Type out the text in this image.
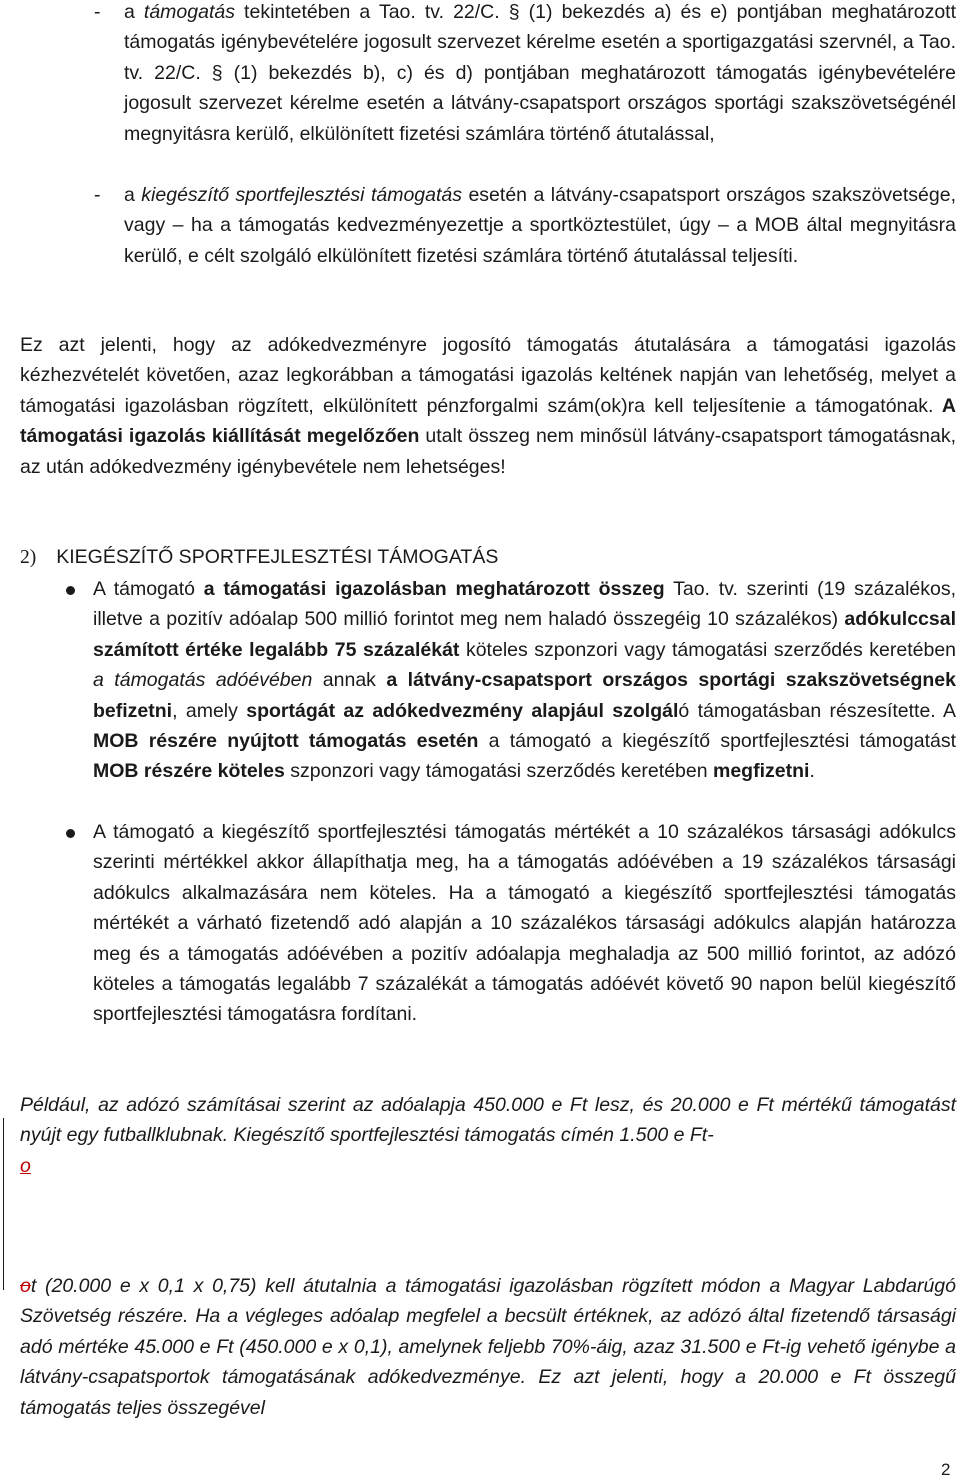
-	a támogatás tekintetében a Tao. tv. 22/C. § (1) bekezdés a) és e) pontjában meghatározott támogatás igénybevételére jogosult szervezet kérelme esetén a sportigazgatási szervnél, a Tao. tv. 22/C. § (1) bekezdés b), c) és d) pontjában meghatározott támogatás igénybevételére jogosult szervezet kérelme esetén a látvány-csapatsport országos sportági szakszövetségénél megnyitásra kerülő, elkülönített fizetési számlára történő átutalással,

-	a kiegészítő sportfejlesztési támogatás esetén a látvány-csapatsport országos szakszövetsége, vagy – ha a támogatás kedvezményezettje a sportköztestület, úgy – a MOB által megnyitásra kerülő, e célt szolgáló elkülönített fizetési számlára történő átutalással teljesíti.

Ez azt jelenti, hogy az adókedvezményre jogosító támogatás átutalására a támogatási igazolás kézhezvételét követően, azaz legkorábban a támogatási igazolás keltének napján van lehetőség, melyet a támogatási igazolásban rögzített, elkülönített pénzforgalmi szám(ok)ra kell teljesítenie a támogatónak. A támogatási igazolás kiállítását megelőzően utalt összeg nem minősül látvány-csapatsport támogatásnak, az után adókedvezmény igénybevétele nem lehetséges!

2) KIEGÉSZÍTŐ SPORTFEJLESZTÉSI TÁMOGATÁS

A támogató a támogatási igazolásban meghatározott összeg Tao. tv. szerinti (19 százalékos, illetve a pozitív adóalap 500 millió forintot meg nem haladó összegéig 10 százalékos) adókulccsal számított értéke legalább 75 százalékát köteles szponzori vagy támogatási szerződés keretében a támogatás adóévében annak a látvány-csapatsport országos sportági szakszövetségnek befizetni, amely sportágát az adókedvezmény alapjául szolgáló támogatásban részesítette. A MOB részére nyújtott támogatás esetén a támogató a kiegészítő sportfejlesztési támogatást MOB részére köteles szponzori vagy támogatási szerződés keretében megfizetni.

A támogató a kiegészítő sportfejlesztési támogatás mértékét a 10 százalékos társasági adókulcs szerinti mértékkel akkor állapíthatja meg, ha a támogatás adóévében a 19 százalékos társasági adókulcs alkalmazására nem köteles. Ha a támogató a kiegészítő sportfejlesztési támogatás mértékét a várható fizetendő adó alapján a 10 százalékos társasági adókulcs alapján határozza meg és a támogatás adóévében a pozitív adóalapja meghaladja az 500 millió forintot, az adózó köteles a támogatás legalább 7 százalékát a támogatás adóévét követő 90 napon belül kiegészítő sportfejlesztési támogatásra fordítani.

Például, az adózó számításai szerint az adóalapja 450.000 e Ft lesz, és 20.000 e Ft mértékű támogatást nyújt egy futballklubnak. Kiegészítő sportfejlesztési támogatás címén 1.500 e Ft-
o

ot (20.000 e x 0,1 x 0,75) kell átutalnia a támogatási igazolásban rögzített módon a Magyar Labdarúgó Szövetség részére. Ha a végleges adóalap megfelel a becsült értéknek, az adózó által fizetendő társasági adó mértéke 45.000 e Ft (450.000 e x 0,1), amelynek feljebb 70%-áig, azaz 31.500 e Ft-ig vehető igénybe a látvány-csapatsportok támogatásának adókedvezménye. Ez azt jelenti, hogy a 20.000 e Ft összegű támogatás teljes összegével

2
